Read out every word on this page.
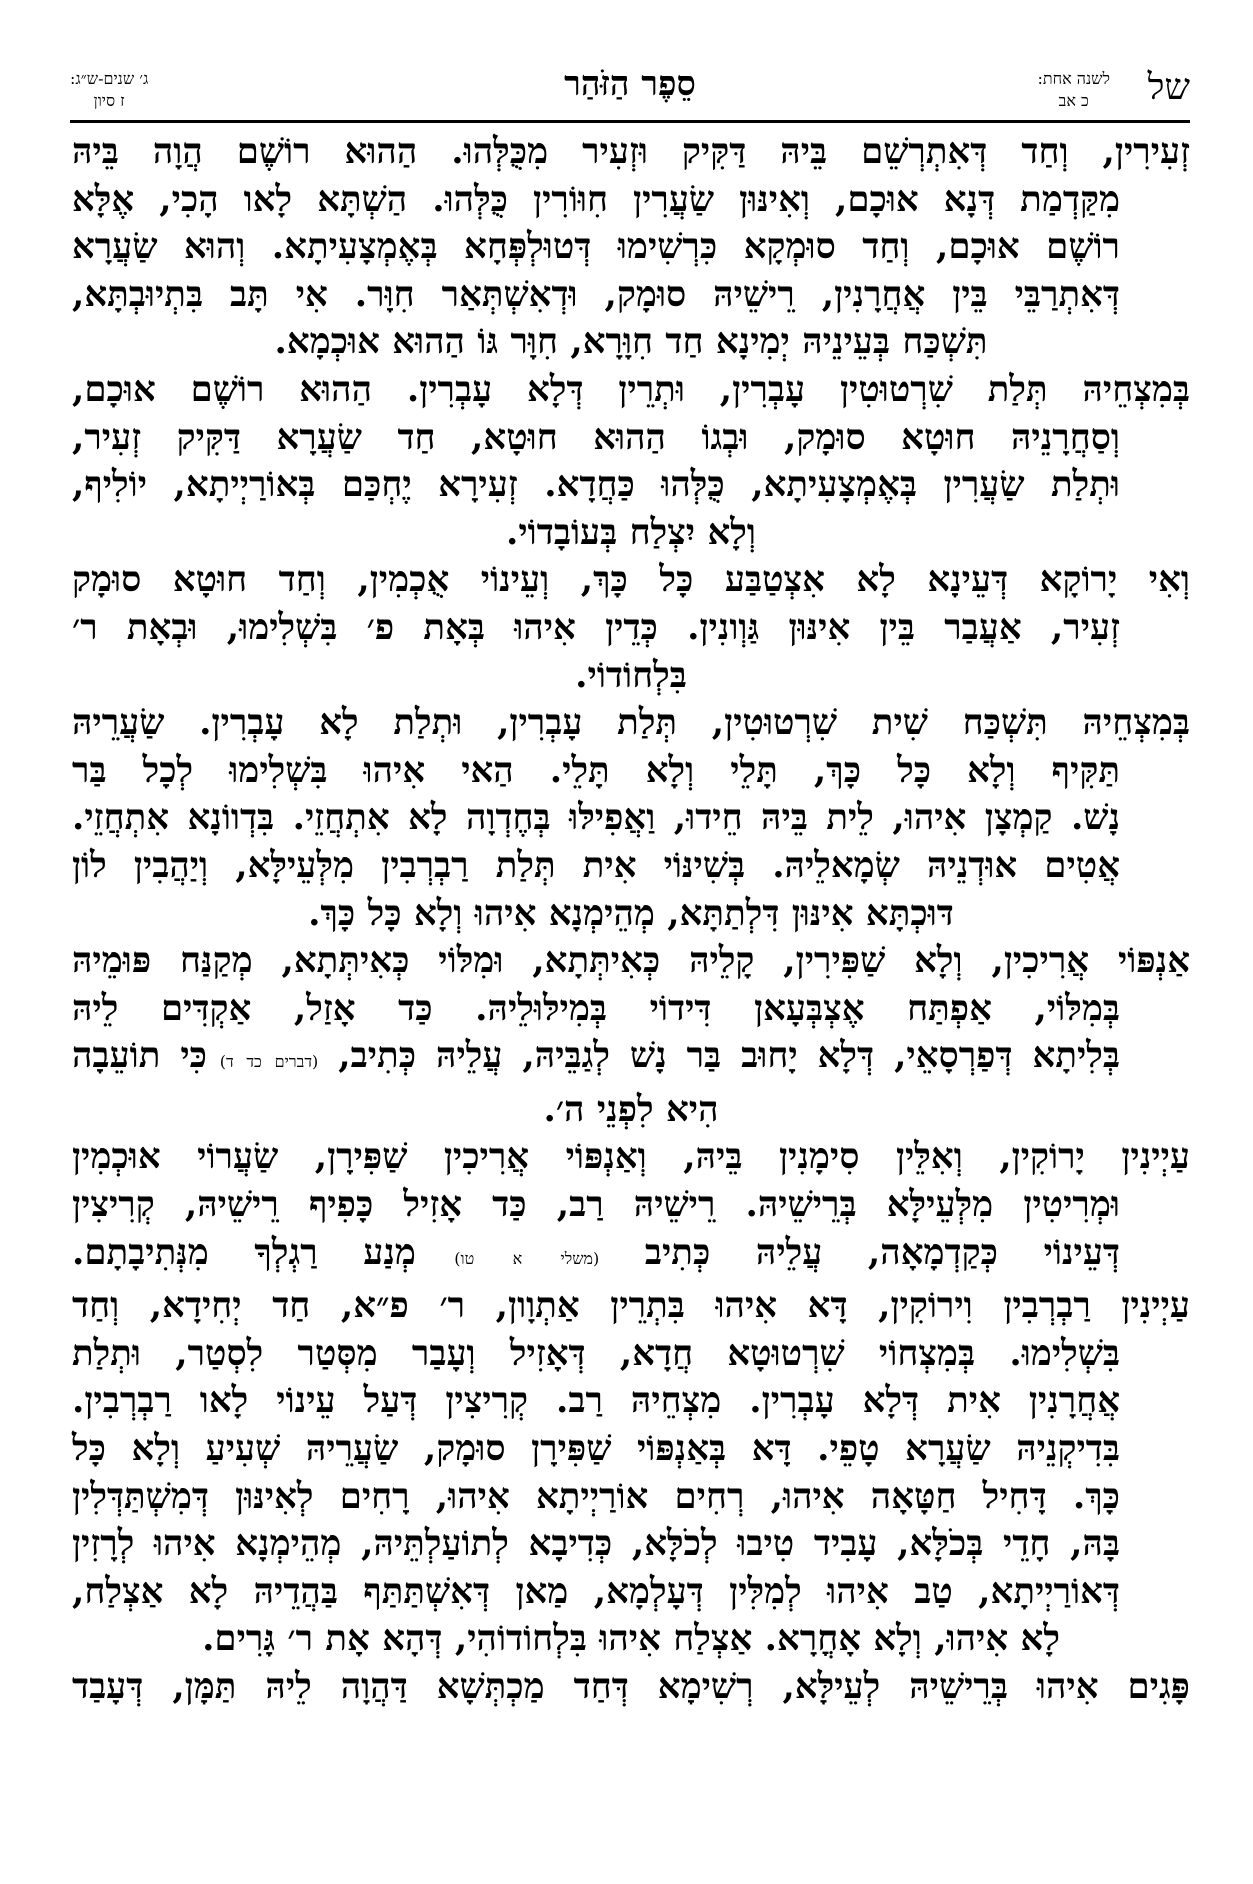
של
לשנה אחת:
כ אב
סֵפֶר הַזֹּהַר
ג׳ שנים-ש״ג:
ז סיון
זְעִירִין, וְחַד דְּאִתְרְשֵׁם בֵּיהּ דַּקִּיק וּזְעִיר מִכֻּלְּהוּ. הַהוּא רוֹשֶׁם הֲוָה בֵּיהּ
מִקַּדְמַת דְּנָא אוּכָם, וְאִינּוּן שַׂעֲרִין חִוּוֹרִין כֻּלְּהוּ. הַשְׁתָּא לָאו הָכִי, אֶלָּא
רוֹשֶׁם אוּכָם, וְחַד סוּמְקָא כִּרְשִׁימוּ דְּטוּלְפְּחָא בְּאֶמְצָעִיתָא. וְהוּא שַׂעֲרָא
דְּאִתְרַבֵּי בֵּין אֲחֲרָנִין, רֵישֵׁיהּ סוּמָק, וּדְאִשְׁתְּאַר חִוָּר. אִי תָּב בִּתְיוּבְתָּא,
תִּשְׁכַּח בְּעֵינֵיהּ יְמִינָא חַד חִוָּרָא, חִוָּר גּוֹ הַהוּא אוּכְמָא.
בְּמִצְחֵיהּ תְּלַת שִׁרְטוּטִין עָבְרִין, וּתְרֵין דְּלָא עָבְרִין. הַהוּא רוֹשֶׁם אוּכָם,
וְסַחֲרָנֵיהּ חוּטָא סוּמָק, וּבְגוֹ הַהוּא חוּטָא, חַד שַׂעֲרָא דַּקִּיק זְעִיר,
וּתְלַת שַׂעֲרִין בְּאֶמְצָעִיתָא, כֻּלְּהוּ כַּחֲדָא. זְעִירָא יֶחְכַּם בְּאוֹרַיְיתָא, יוֹלִיף,
וְלָא יִצְלַח בְּעוֹבָדוֹי.
וְאִי יָרוֹקָא דְּעֵינָא לָא אִצְטַבַּע כָּל כָּךְ, וְעֵינוֹי אֻכְמִין, וְחַד חוּטָא סוּמָק
זְעִיר, אַעֲבַר בֵּין אִינּוּן גַּוְונִין. כְּדֵין אִיהוּ בְּאָת פ׳ בִּשְׁלִימוּ, וּבְאָת ר׳
בִּלְחוֹדוֹי.
בְּמִצְחֵיהּ תִּשְׁכַּח שִׁית שִׁרְטוּטִין, תְּלַת עָבְרִין, וּתְלַת לָא עָבְרִין. שַׂעֲרֵיהּ
תַּקִּיף וְלָא כָּל כָּךְ, תָּלֵי וְלָא תָּלֵי. הַאי אִיהוּ בִּשְׁלִימוּ לְכָל בַּר
נָשׁ. קַמְצָן אִיהוּ, לֵית בֵּיהּ חֵידוּ, וַאֲפִילּוּ בְּחֶדְוָה לָא אִתְחֲזֵי. בִּדְווֹנָא אִתְחֲזֵי.
אֲטִים אוּדְנֵיהּ שְׂמָאלֵיהּ. בְּשִׁינּוֹי אִית תְּלַת רַבְרְבִין מִלְּעֵילָּא, וְיַהֲבִין לוֹן
דּוּכְתָּא אִינּוּן דִּלְתַתָּא, מְהֵימְנָא אִיהוּ וְלָא כָּל כָּךְ.
אַנְפּוֹי אֲרִיכִין, וְלָא שַׁפִּירִין, קָלֵיהּ כְּאִיתְּתָא, וּמִלּוֹי כְּאִיתְּתָא, מְקַנַּח פּוּמֵיהּ
בְּמִלּוֹי, אַפְתַּח אֶצְבְּעָאן דִּידוֹי בְּמִילּוּלֵיהּ. כַּד אָזַל, אַקְדִּים לֵיהּ
בְּלִיתָא דְּפַרְסָאֵי, דְּלָא יָחוּב בַּר נָשׁ לְגַבֵּיהּ, עֲלֵיהּ כְּתִיב, (דברים כד ד) כִּי תוֹעֵבָה
הִיא לִפְנֵי ה׳.
עַיְינִין יָרוֹקִין, וְאִלֵּין סִימָנִין בֵּיהּ, וְאַנְפּוֹי אֲרִיכִין שַׁפִּירָן, שַׂעֲרוֹי אוּכְמִין
וּמְרִיטִין מִלְּעֵילָּא בְּרֵישֵׁיהּ. רֵישֵׁיהּ רַב, כַּד אָזִיל כָּפִיף רֵישֵׁיהּ, קְרִיצִין
דְּעֵינוֹי כְּקַדְמָאָה, עֲלֵיהּ כְּתִיב (משלי א טו) מְנַע רַגְלְךָ מִנְּתִיבָתָם.
עַיְינִין רַבְרְבִין וִירוֹקִין, דָּא אִיהוּ בִּתְרֵין אַתְוָון, ר׳ פ״א, חַד יְחִידָא, וְחַד
בִּשְׁלִימוּ. בְּמִצְחוֹי שִׁרְטוּטָא חֲדָא, דְּאָזִיל וְעָבַר מִסְּטַר לִסְטַר, וּתְלַת
אֲחֲרָנִין אִית דְּלָא עָבְרִין. מִצְחֵיהּ רַב. קְרִיצִין דְּעַל עֵינוֹי לָאו רַבְרְבִין.
בִּדִיקְנֵיהּ שַׂעֲרָא טָפֵי. דָּא בְּאַנְפּוֹי שַׁפִּירָן סוּמָק, שַׂעֲרֵיהּ שְׁעִיעַ וְלָא כָּל
כָּךְ. דָּחִיל חַטָּאָה אִיהוּ, רְחִים אוֹרַיְיתָא אִיהוּ, רָחִים לְאִינּוּן דְּמִשְׁתַּדְּלִין
בָּהּ, חָדֵי בְּכֹלָּא, עָבִיד טִיבוּ לְכֹלָּא, כְּדִיבָא לְתוֹעַלְתֵּיהּ, מְהֵימְנָא אִיהוּ לְרָזִין
דְּאוֹרַיְיתָא, טַב אִיהוּ לְמִלִּין דְּעָלְמָא, מַאן דְּאִשְׁתַּתַּף בַּהֲדֵיהּ לָא אַצְלַח,
לָא אִיהוּ, וְלָא אָחֳרָא. אַצְלַח אִיהוּ בִּלְחוֹדוֹהִי, דְּהָא אָת ר׳ גָּרִים.
פָּגִים אִיהוּ בְּרֵישֵׁיהּ לְעֵילָּא, רְשִׁימָא דְּחַד מַכְתְּשָׁא דַּהֲוָה לֵיהּ תַּמָּן, דְּעָבַד
